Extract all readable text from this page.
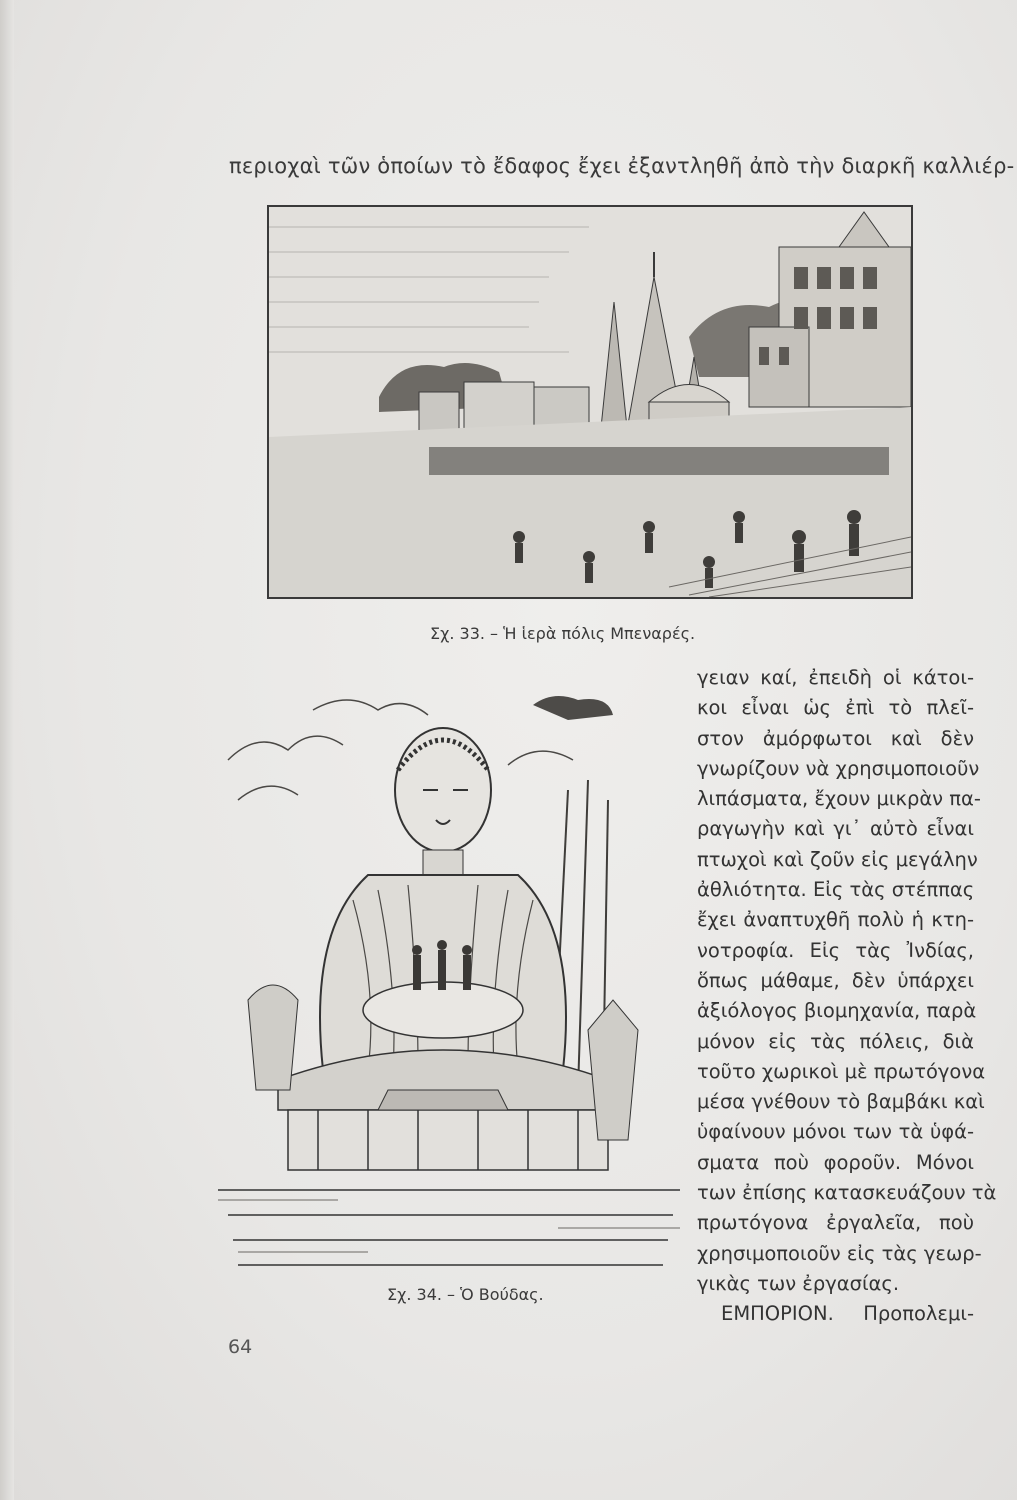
περιοχαὶ τῶν ὁποίων τὸ ἔδαφος ἔχει ἐξαντληθῆ ἀπὸ τὴν διαρκῆ καλλιέρ-
Σχ. 33. – Ἡ ἱερὰ πόλις Μπεναρές.
Σχ. 34. – Ὁ Βούδας.
γειαν καί, ἐπειδὴ οἱ κάτοι-
κοι εἶναι ὡς ἐπὶ τὸ πλεῖ-
στον ἀμόρφωτοι καὶ δὲν
γνωρίζουν νὰ χρησιμοποιοῦν
λιπάσματα, ἔχουν μικρὰν πα-
ραγωγὴν καὶ γι᾽ αὐτὸ εἶναι
πτωχοὶ καὶ ζοῦν εἰς μεγάλην
ἀθλιότητα. Εἰς τὰς στέππας
ἔχει ἀναπτυχθῆ πολὺ ἡ κτη-
νοτροφία. Εἰς τὰς Ἰνδίας,
ὅπως μάθαμε, δὲν ὑπάρχει
ἀξιόλογος βιομηχανία, παρὰ
μόνον εἰς τὰς πόλεις, διὰ
τοῦτο χωρικοὶ μὲ πρωτόγονα
μέσα γνέθουν τὸ βαμβάκι καὶ
ὑφαίνουν μόνοι των τὰ ὑφά-
σματα ποὺ φοροῦν. Μόνοι
των ἐπίσης κατασκευάζουν τὰ
πρωτόγονα ἐργαλεῖα, ποὺ
χρησιμοποιοῦν εἰς τὰς γεωρ-
γικὰς των ἐργασίας.
ΕΜΠΟΡΙΟΝ. Προπολεμι-
64
